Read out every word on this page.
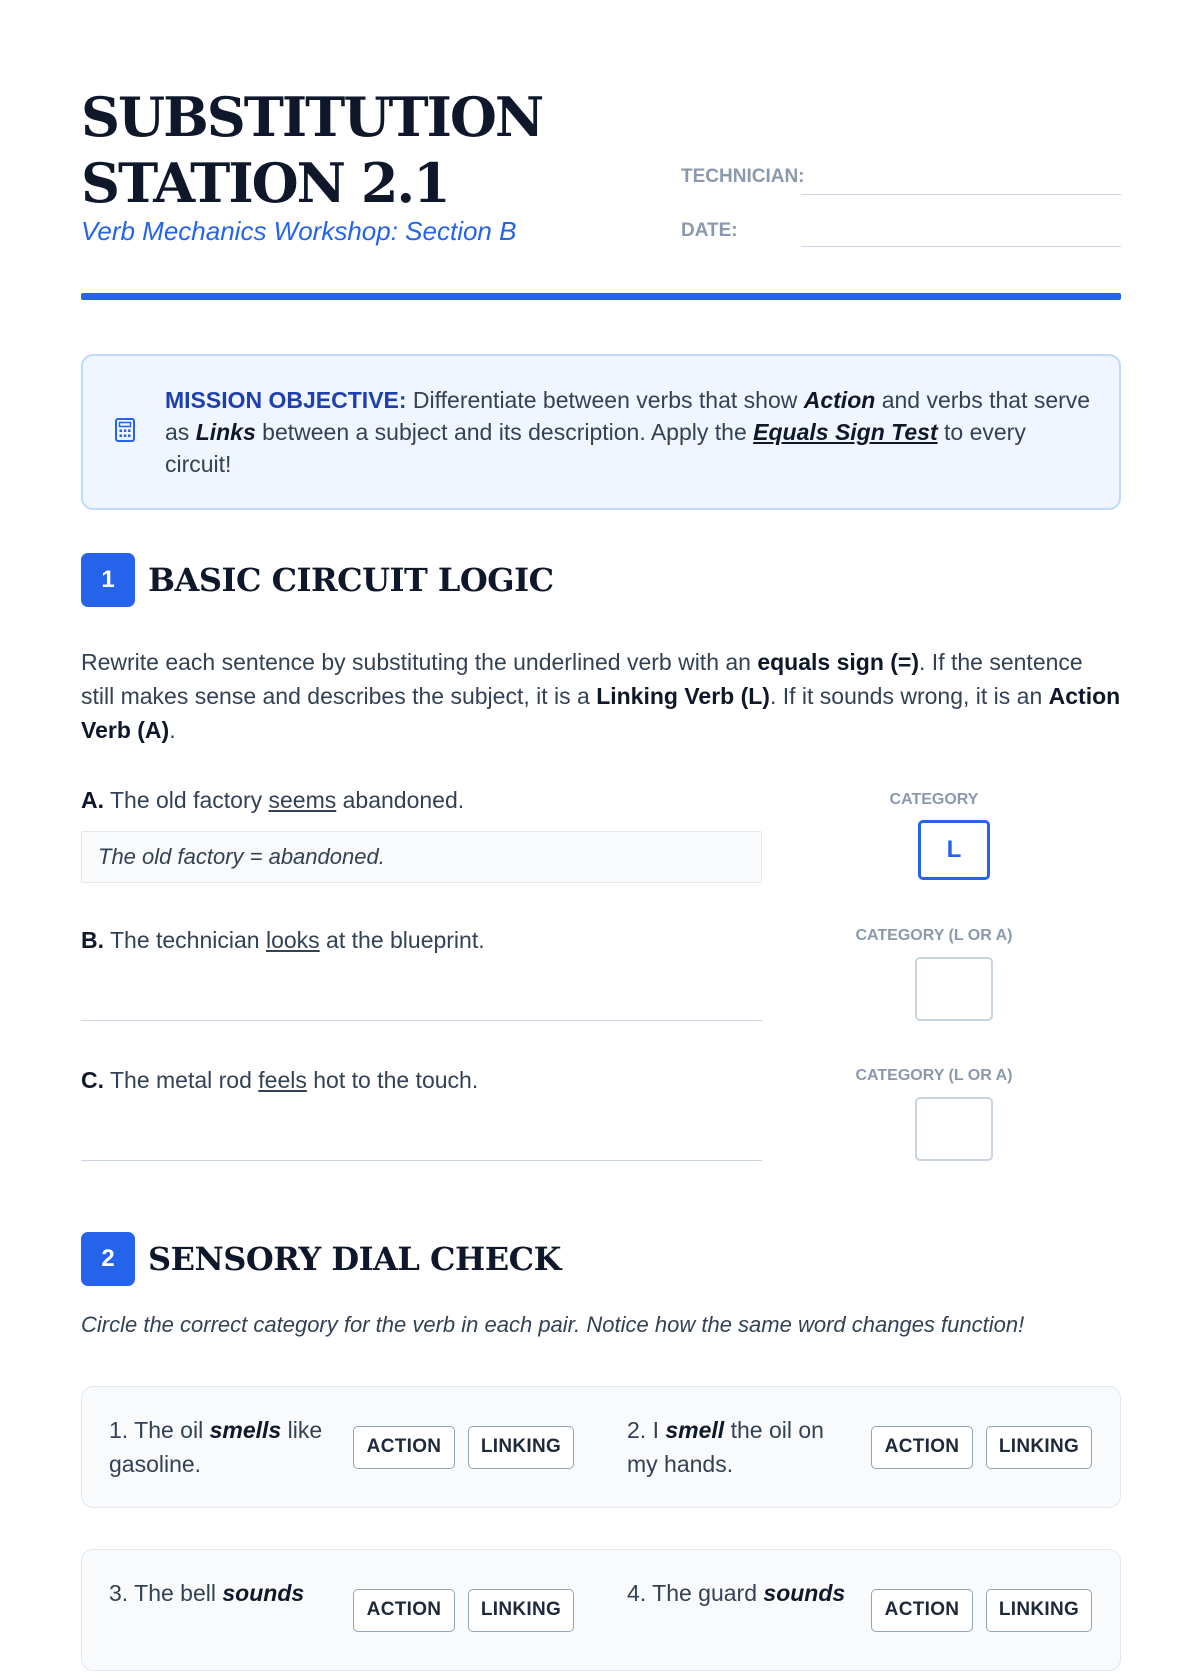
SUBSTITUTION
STATION 2.1
Verb Mechanics Workshop: Section B
TECHNICIAN:
DATE:

MISSION OBJECTIVE: Differentiate between verbs that show Action and verbs that serve as Links between a subject and its description. Apply the Equals Sign Test to every circuit!

1	BASIC CIRCUIT LOGIC

Rewrite each sentence by substituting the underlined verb with an equals sign (=). If the sentence still makes sense and describes the subject, it is a Linking Verb (L). If it sounds wrong, it is an Action Verb (A).

A. The old factory seems abandoned.
The old factory = abandoned.
CATEGORY
L
B. The technician looks at the blueprint.	CATEGORY (L OR A)
C. The metal rod feels hot to the touch.	CATEGORY (L OR A)
2	SENSORY DIAL CHECK

Circle the correct category for the verb in each pair. Notice how the same word changes function!

1. The oil smells like gasoline.

ACTION	LINKING

2. I smell the oil on my hands.

ACTION	LINKING

3. The bell sounds

ACTION	LINKING

4. The guard sounds

ACTION	LINKING
